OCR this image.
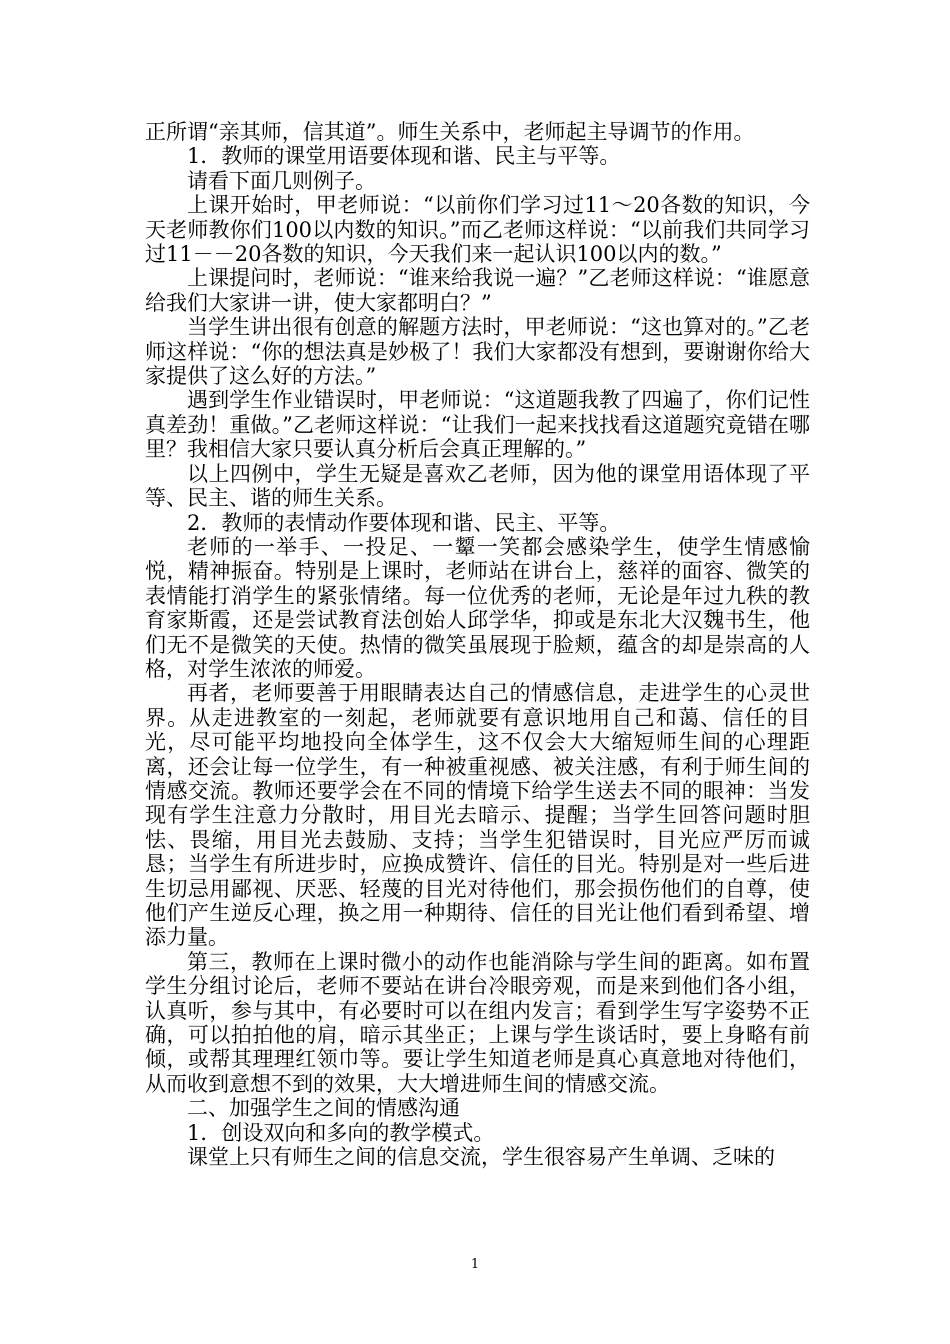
正所谓“亲其师，信其道”。师生关系中，老师起主导调节的作用。

1．教师的课堂用语要体现和谐、民主与平等。

请看下面几则例子。

上课开始时，甲老师说：“以前你们学习过11～20各数的知识，今天老师教你们100以内数的知识。”而乙老师这样说：“以前我们共同学习过11－－20各数的知识，今天我们来一起认识100以内的数。”

上课提问时，老师说：“谁来给我说一遍？”乙老师这样说：“谁愿意给我们大家讲一讲，使大家都明白？”

当学生讲出很有创意的解题方法时，甲老师说：“这也算对的。”乙老师这样说：“你的想法真是妙极了！我们大家都没有想到，要谢谢你给大家提供了这么好的方法。”

遇到学生作业错误时，甲老师说：“这道题我教了四遍了，你们记性真差劲！重做。”乙老师这样说：“让我们一起来找找看这道题究竟错在哪里？我相信大家只要认真分析后会真正理解的。”

以上四例中，学生无疑是喜欢乙老师，因为他的课堂用语体现了平等、民主、谐的师生关系。

2．教师的表情动作要体现和谐、民主、平等。

老师的一举手、一投足、一颦一笑都会感染学生，使学生情感愉悦，精神振奋。特别是上课时，老师站在讲台上，慈祥的面容、微笑的表情能打消学生的紧张情绪。每一位优秀的老师，无论是年过九秩的教育家斯霞，还是尝试教育法创始人邱学华，抑或是东北大汉魏书生，他们无不是微笑的天使。热情的微笑虽展现于脸颊，蕴含的却是崇高的人格，对学生浓浓的师爱。

再者，老师要善于用眼睛表达自己的情感信息，走进学生的心灵世界。从走进教室的一刻起，老师就要有意识地用自己和蔼、信任的目光，尽可能平均地投向全体学生，这不仅会大大缩短师生间的心理距离，还会让每一位学生，有一种被重视感、被关注感，有利于师生间的情感交流。教师还要学会在不同的情境下给学生送去不同的眼神：当发现有学生注意力分散时，用目光去暗示、提醒；当学生回答问题时胆怯、畏缩，用目光去鼓励、支持；当学生犯错误时，目光应严厉而诚恳；当学生有所进步时，应换成赞许、信任的目光。特别是对一些后进生切忌用鄙视、厌恶、轻蔑的目光对待他们，那会损伤他们的自尊，使他们产生逆反心理，换之用一种期待、信任的目光让他们看到希望、增添力量。

第三，教师在上课时微小的动作也能消除与学生间的距离。如布置学生分组讨论后，老师不要站在讲台冷眼旁观，而是来到他们各小组，认真听，参与其中，有必要时可以在组内发言；看到学生写字姿势不正确，可以拍拍他的肩，暗示其坐正；上课与学生谈话时，要上身略有前倾，或帮其理理红领巾等。要让学生知道老师是真心真意地对待他们，从而收到意想不到的效果，大大增进师生间的情感交流。

二、加强学生之间的情感沟通

1．创设双向和多向的教学模式。

课堂上只有师生之间的信息交流，学生很容易产生单调、乏味的

1
